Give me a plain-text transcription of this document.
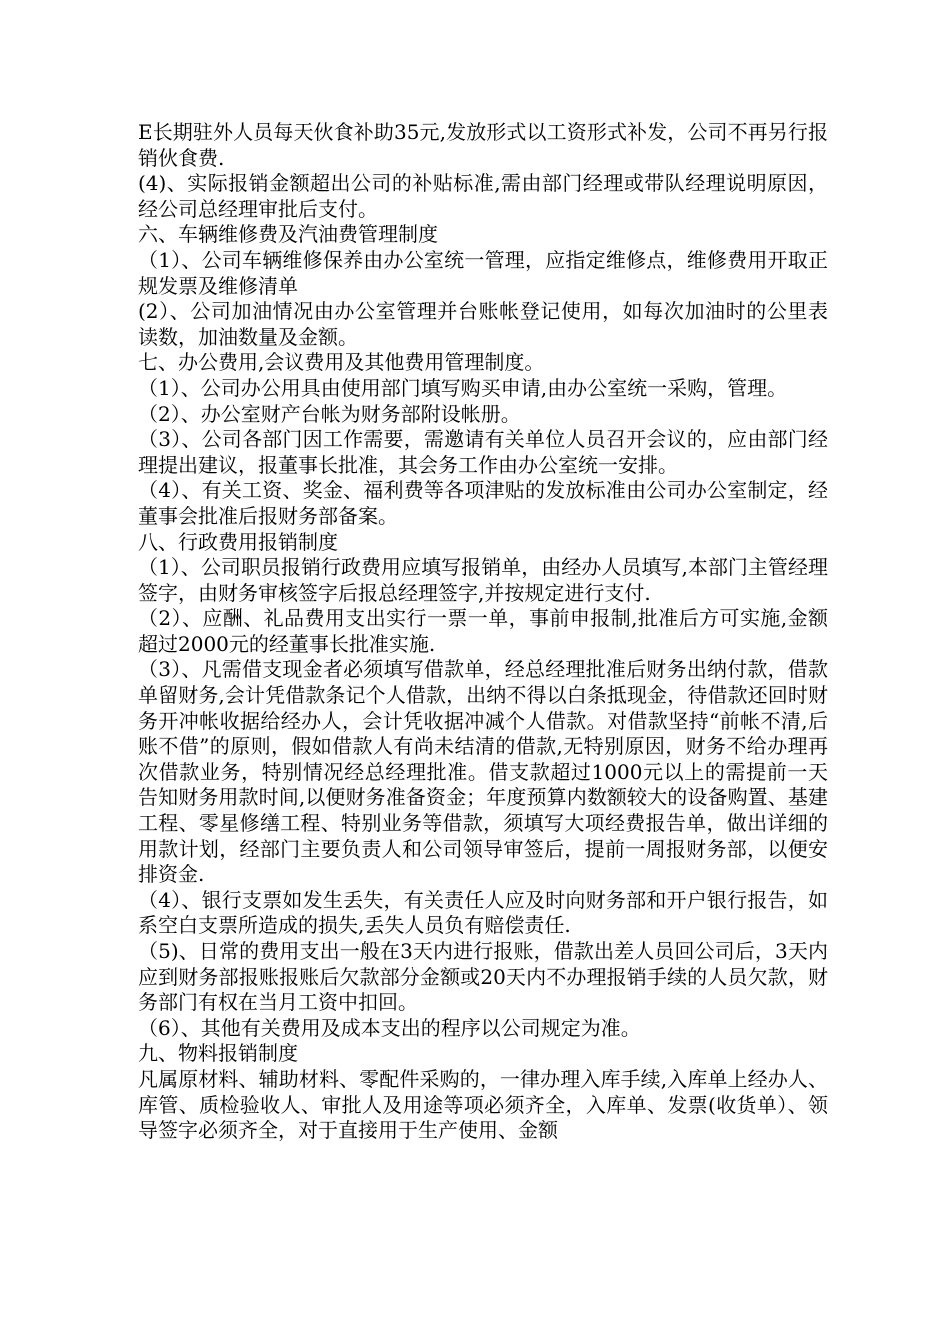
E长期驻外人员每天伙食补助35元,发放形式以工资形式补发，公司不再另行报销伙食费.

(4)、实际报销金额超出公司的补贴标准,需由部门经理或带队经理说明原因，经公司总经理审批后支付。

六、车辆维修费及汽油费管理制度

（1）、公司车辆维修保养由办公室统一管理，应指定维修点，维修费用开取正规发票及维修清单

(2）、公司加油情况由办公室管理并台账帐登记使用，如每次加油时的公里表读数，加油数量及金额。

七、办公费用,会议费用及其他费用管理制度。

（1）、公司办公用具由使用部门填写购买申请,由办公室统一采购，管理。

（2）、办公室财产台帐为财务部附设帐册。

（3）、公司各部门因工作需要，需邀请有关单位人员召开会议的，应由部门经理提出建议，报董事长批准，其会务工作由办公室统一安排。

（4）、有关工资、奖金、福利费等各项津贴的发放标准由公司办公室制定，经董事会批准后报财务部备案。

八、行政费用报销制度

（1）、公司职员报销行政费用应填写报销单，由经办人员填写,本部门主管经理签字，由财务审核签字后报总经理签字,并按规定进行支付.

（2）、应酬、礼品费用支出实行一票一单，事前申报制,批准后方可实施,金额超过2000元的经董事长批准实施.

（3）、凡需借支现金者必须填写借款单，经总经理批准后财务出纳付款，借款单留财务,会计凭借款条记个人借款，出纳不得以白条抵现金，待借款还回时财务开冲帐收据给经办人，会计凭收据冲减个人借款。对借款坚持“前帐不清,后账不借”的原则，假如借款人有尚未结清的借款,无特别原因，财务不给办理再次借款业务，特别情况经总经理批准。借支款超过1000元以上的需提前一天告知财务用款时间,以便财务准备资金；年度预算内数额较大的设备购置、基建工程、零星修缮工程、特别业务等借款，须填写大项经费报告单，做出详细的用款计划，经部门主要负责人和公司领导审签后，提前一周报财务部，以便安排资金.

（4）、银行支票如发生丢失，有关责任人应及时向财务部和开户银行报告，如系空白支票所造成的损失,丢失人员负有赔偿责任.

（5)、日常的费用支出一般在3天内进行报账，借款出差人员回公司后，3天内应到财务部报账报账后欠款部分金额或20天内不办理报销手续的人员欠款，财务部门有权在当月工资中扣回。

（6）、其他有关费用及成本支出的程序以公司规定为准。

九、物料报销制度

凡属原材料、辅助材料、零配件采购的，一律办理入库手续,入库单上经办人、库管、质检验收人、审批人及用途等项必须齐全，入库单、发票(收货单）、领导签字必须齐全，对于直接用于生产使用、金额
